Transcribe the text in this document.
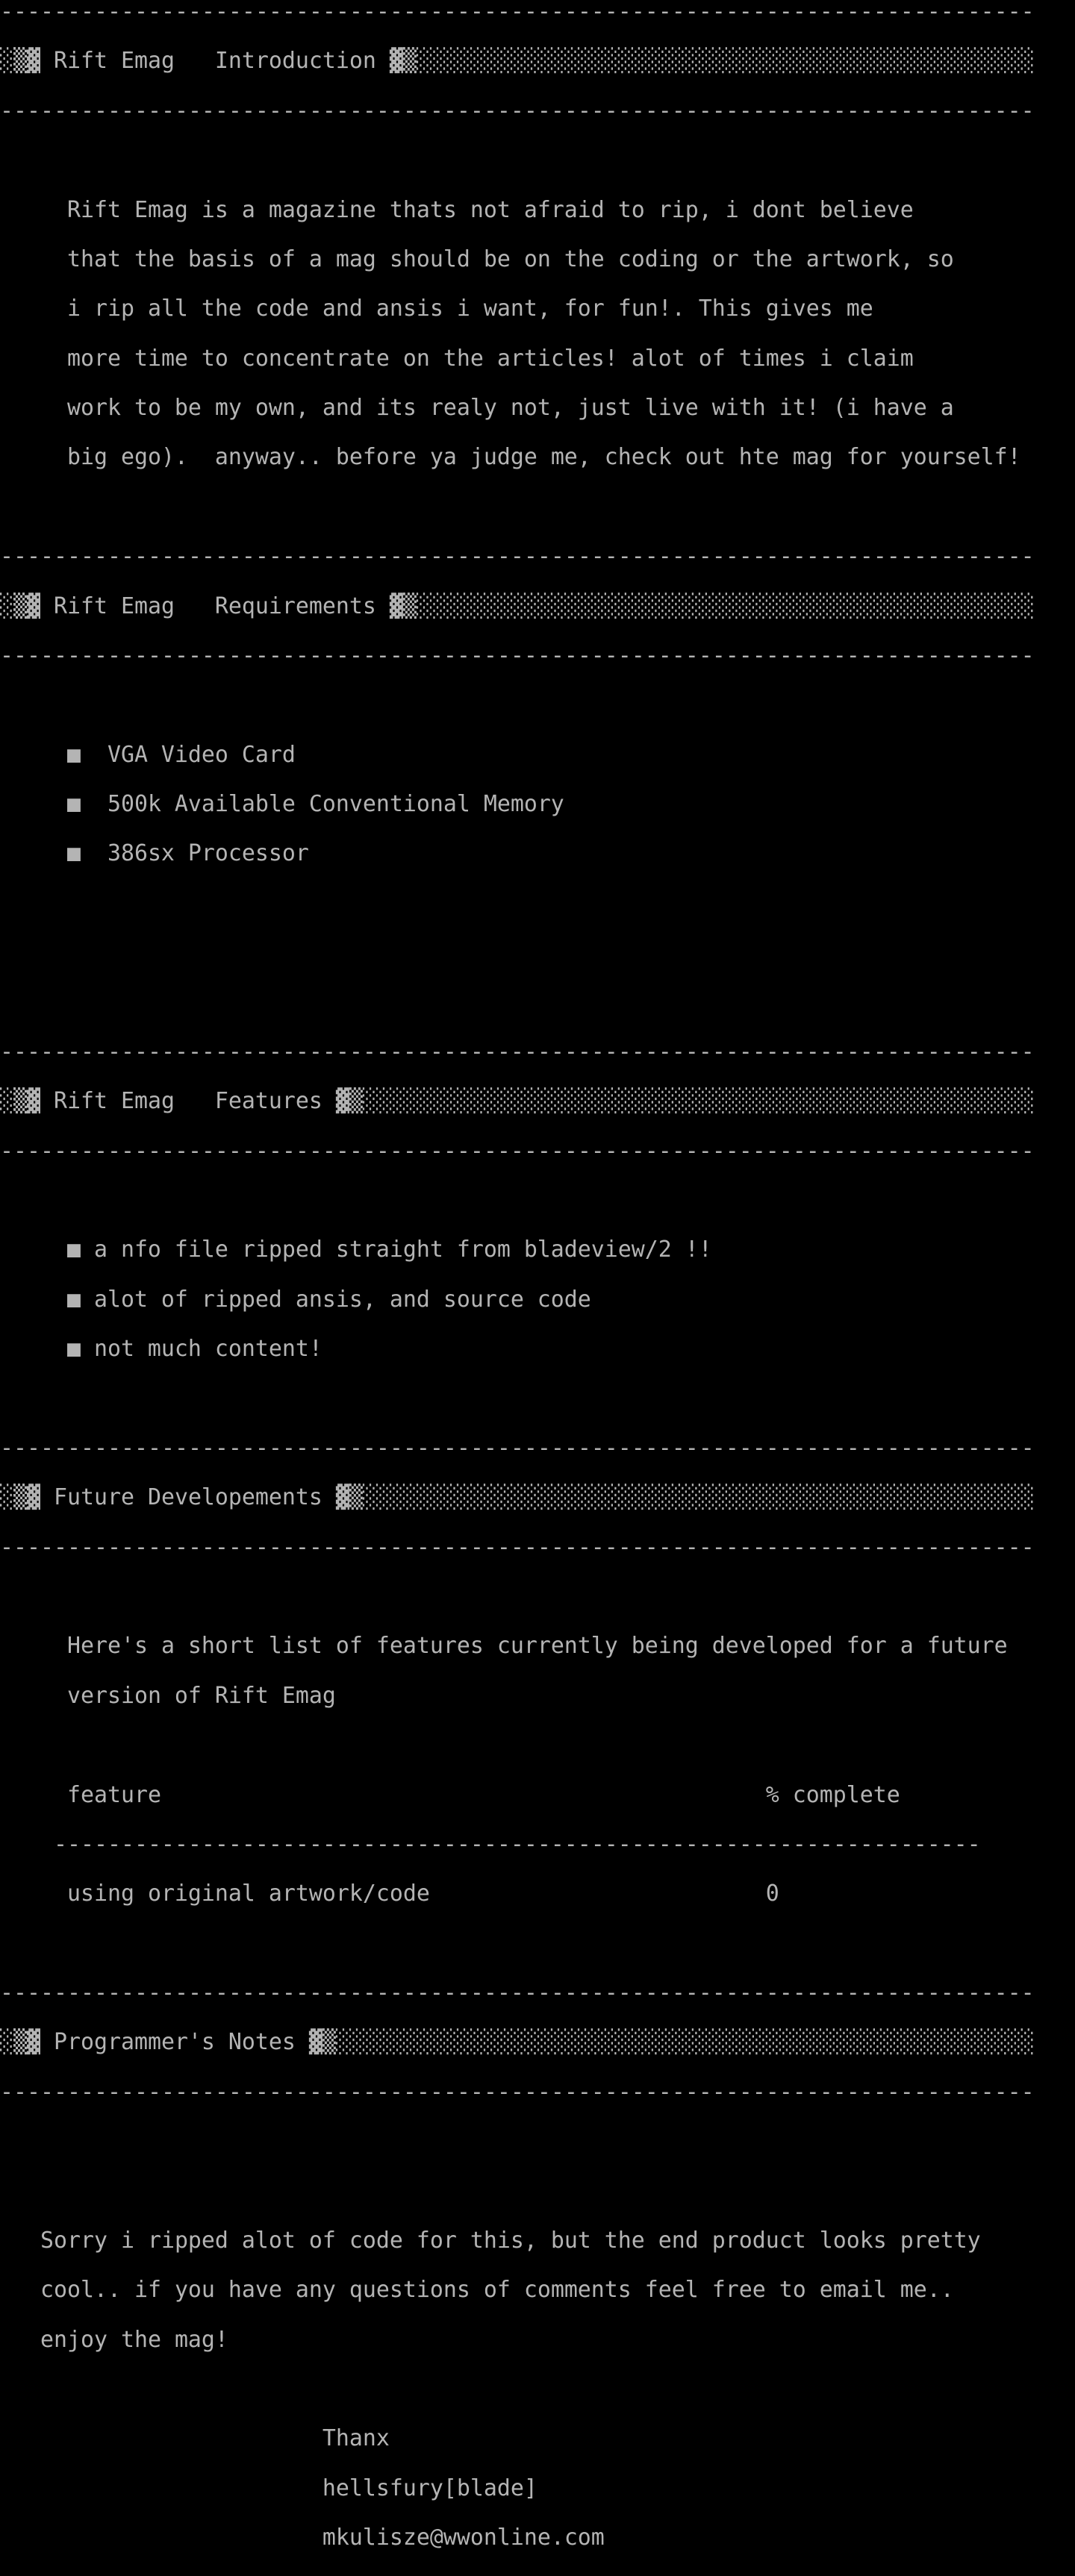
-----------------------------------------------------------------------------

░▒▓ Rift Emag   Introduction ▓▒░░░░░░░░░░░░░░░░░░░░░░░░░░░░░░░░░░░░░░░░░░░░░░

-----------------------------------------------------------------------------

Rift Emag is a magazine thats not afraid to rip, i dont believe

that the basis of a mag should be on the coding or the artwork, so

i rip all the code and ansis i want, for fun!. This gives me

more time to concentrate on the articles! alot of times i claim

work to be my own, and its realy not, just live with it! (i have a

big ego).  anyway.. before ya judge me, check out hte mag for yourself!

-----------------------------------------------------------------------------

░▒▓ Rift Emag   Requirements ▓▒░░░░░░░░░░░░░░░░░░░░░░░░░░░░░░░░░░░░░░░░░░░░░░

-----------------------------------------------------------------------------

■ VGA Video Card

■ 500k Available Conventional Memory

■ 386sx Processor

-----------------------------------------------------------------------------

░▒▓ Rift Emag   Features ▓▒░░░░░░░░░░░░░░░░░░░░░░░░░░░░░░░░░░░░░░░░░░░░░░░░░░

-----------------------------------------------------------------------------

■ a nfo file ripped straight from bladeview/2 !!

■ alot of ripped ansis, and source code

■ not much content!

-----------------------------------------------------------------------------

░▒▓ Future Developements ▓▒░░░░░░░░░░░░░░░░░░░░░░░░░░░░░░░░░░░░░░░░░░░░░░░░░░

-----------------------------------------------------------------------------

Here's a short list of features currently being developed for a future

version of Rift Emag

feature	% complete

---------------------------------------------------------------------

using original artwork/code	0

-----------------------------------------------------------------------------

░▒▓ Programmer's Notes ▓▒░░░░░░░░░░░░░░░░░░░░░░░░░░░░░░░░░░░░░░░░░░░░░░░░░░░░

-----------------------------------------------------------------------------

Sorry i ripped alot of code for this, but the end product looks pretty

cool.. if you have any questions of comments feel free to email me..

enjoy the mag!

Thanx

hellsfury[blade]

mkulisze@wwonline.com
